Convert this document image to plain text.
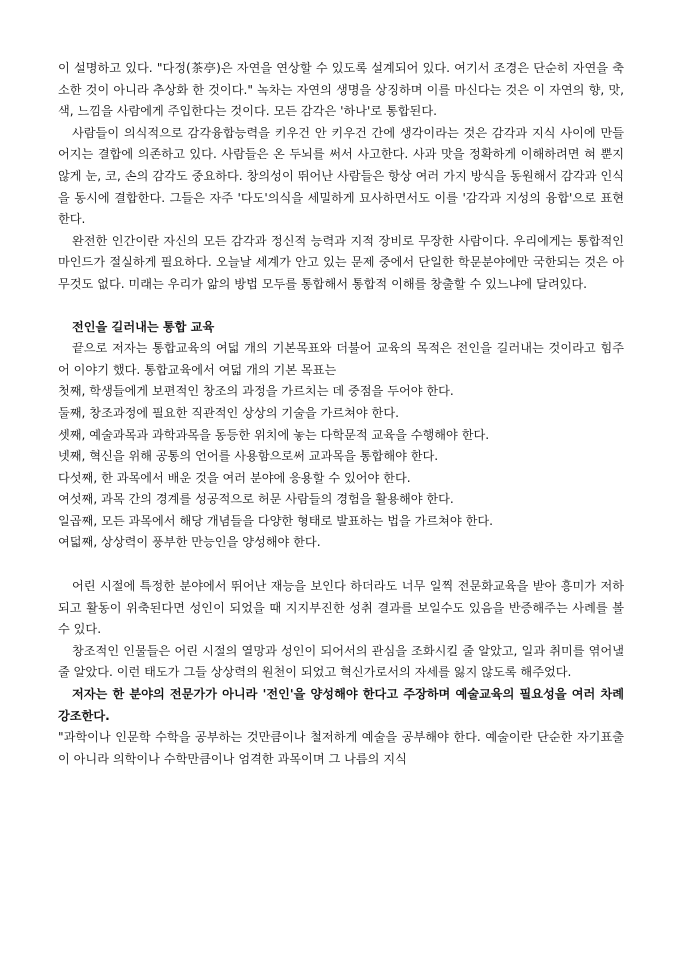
이 설명하고 있다. "다정(茶亭)은 자연을 연상할 수 있도록 설계되어 있다. 여기서 조경은 단순히 자연을 축소한 것이 아니라 추상화 한 것이다." 녹차는 자연의 생명을 상징하며 이를 마신다는 것은 이 자연의 향, 맛, 색, 느낌을 사람에게 주입한다는 것이다. 모든 감각은 '하나'로 통합된다.

사람들이 의식적으로 감각융합능력을 키우건 안 키우건 간에 생각이라는 것은 감각과 지식 사이에 만들어지는 결합에 의존하고 있다. 사람들은 온 두뇌를 써서 사고한다. 사과 맛을 정확하게 이해하려면 혀 뿐지 않게 눈, 코, 손의 감각도 중요하다. 창의성이 뛰어난 사람들은 항상 여러 가지 방식을 동원해서 감각과 인식을 동시에 결합한다. 그들은 자주 '다도'의식을 세밀하게 묘사하면서도 이를 '감각과 지성의 융합'으로 표현한다.

완전한 인간이란 자신의 모든 감각과 정신적 능력과 지적 장비로 무장한 사람이다. 우리에게는 통합적인 마인드가 절실하게 필요하다. 오늘날 세계가 안고 있는 문제 중에서 단일한 학문분야에만 국한되는 것은 아무것도 없다. 미래는 우리가 앎의 방법 모두를 통합해서 통합적 이해를 창출할 수 있느냐에 달려있다.

전인을 길러내는 통합 교육

끝으로 저자는 통합교육의 여덟 개의 기본목표와 더불어 교육의 목적은 전인을 길러내는 것이라고 힘주어 이야기 했다. 통합교육에서 여덟 개의 기본 목표는

첫째, 학생들에게 보편적인 창조의 과정을 가르치는 데 중점을 두어야 한다.

둘째, 창조과정에 필요한 직관적인 상상의 기술을 가르쳐야 한다.

셋째, 예술과목과 과학과목을 동등한 위치에 놓는 다학문적 교육을 수행해야 한다.

넷째, 혁신을 위해 공통의 언어를 사용함으로써 교과목을 통합해야 한다.

다섯째, 한 과목에서 배운 것을 여러 분야에 응용할 수 있어야 한다.

여섯째, 과목 간의 경계를 성공적으로 허문 사람들의 경험을 활용해야 한다.

일곱째, 모든 과목에서 해당 개념들을 다양한 형태로 발표하는 법을 가르쳐야 한다.

여덟째, 상상력이 풍부한 만능인을 양성해야 한다.

어린 시절에 특정한 분야에서 뛰어난 재능을 보인다 하더라도 너무 일찍 전문화교육을 받아 흥미가 저하되고 활동이 위축된다면 성인이 되었을 때 지지부진한 성취 결과를 보일수도 있음을 반증해주는 사례를 볼 수 있다.

창조적인 인물들은 어린 시절의 열망과 성인이 되어서의 관심을 조화시킬 줄 알았고, 일과 취미를 엮어낼 줄 알았다. 이런 태도가 그들 상상력의 원천이 되었고 혁신가로서의 자세를 잃지 않도록 해주었다.

저자는 한 분야의 전문가가 아니라 '전인'을 양성해야 한다고 주장하며 예술교육의 필요성을 여러 차례 강조한다.

"과학이나 인문학 수학을 공부하는 것만큼이나 철저하게 예술을 공부해야 한다. 예술이란 단순한 자기표출이 아니라 의학이나 수학만큼이나 엄격한 과목이며 그 나름의 지식
